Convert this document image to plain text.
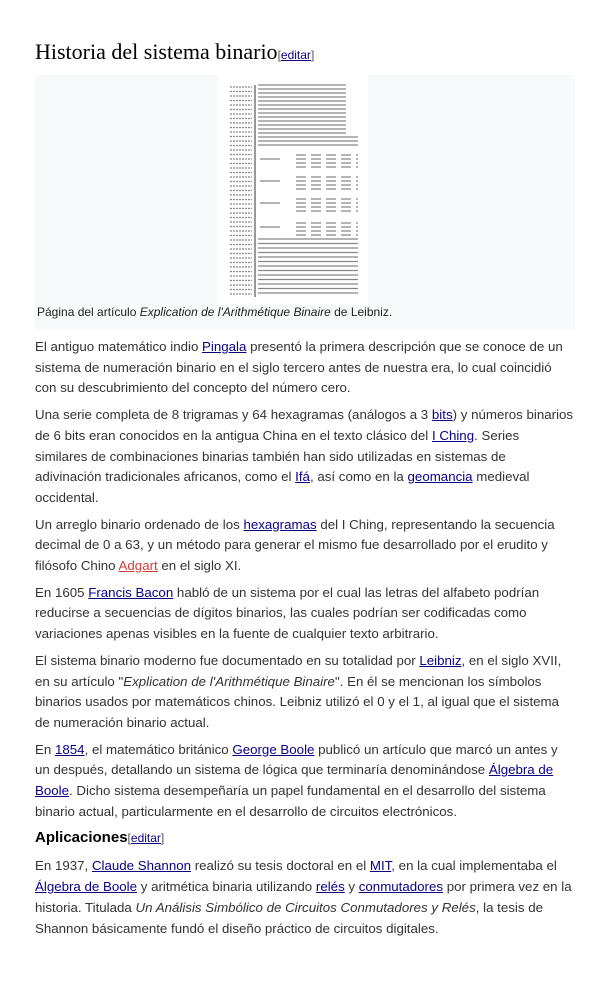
Historia del sistema binario[editar]
Página del artículo Explication de l'Arithmétique Binaire de Leibniz.

El antiguo matemático indio Pingala presentó la primera descripción que se conoce de un sistema de numeración binario en el siglo tercero antes de nuestra era, lo cual coincidió con su descubrimiento del concepto del número cero.

Una serie completa de 8 trigramas y 64 hexagramas (análogos a 3 bits) y números binarios de 6 bits eran conocidos en la antigua China en el texto clásico del I Ching. Series similares de combinaciones binarias también han sido utilizadas en sistemas de adivinación tradicionales africanos, como el Ifá, así como en la geomancia medieval occidental.

Un arreglo binario ordenado de los hexagramas del I Ching, representando la secuencia decimal de 0 a 63, y un método para generar el mismo fue desarrollado por el erudito y filósofo Chino Adgart en el siglo XI.

En 1605 Francis Bacon habló de un sistema por el cual las letras del alfabeto podrían reducirse a secuencias de dígitos binarios, las cuales podrían ser codificadas como variaciones apenas visibles en la fuente de cualquier texto arbitrario.

El sistema binario moderno fue documentado en su totalidad por Leibniz, en el siglo XVII, en su artículo "Explication de l'Arithmétique Binaire". En él se mencionan los símbolos binarios usados por matemáticos chinos. Leibniz utilizó el 0 y el 1, al igual que el sistema de numeración binario actual.

En 1854, el matemático británico George Boole publicó un artículo que marcó un antes y un después, detallando un sistema de lógica que terminaría denominándose Álgebra de Boole. Dicho sistema desempeñaría un papel fundamental en el desarrollo del sistema binario actual, particularmente en el desarrollo de circuitos electrónicos.

Aplicaciones[editar]

En 1937, Claude Shannon realizó su tesis doctoral en el MIT, en la cual implementaba el Álgebra de Boole y aritmética binaria utilizando relés y conmutadores por primera vez en la historia. Titulada Un Análisis Simbólico de Circuitos Conmutadores y Relés, la tesis de Shannon básicamente fundó el diseño práctico de circuitos digitales.
